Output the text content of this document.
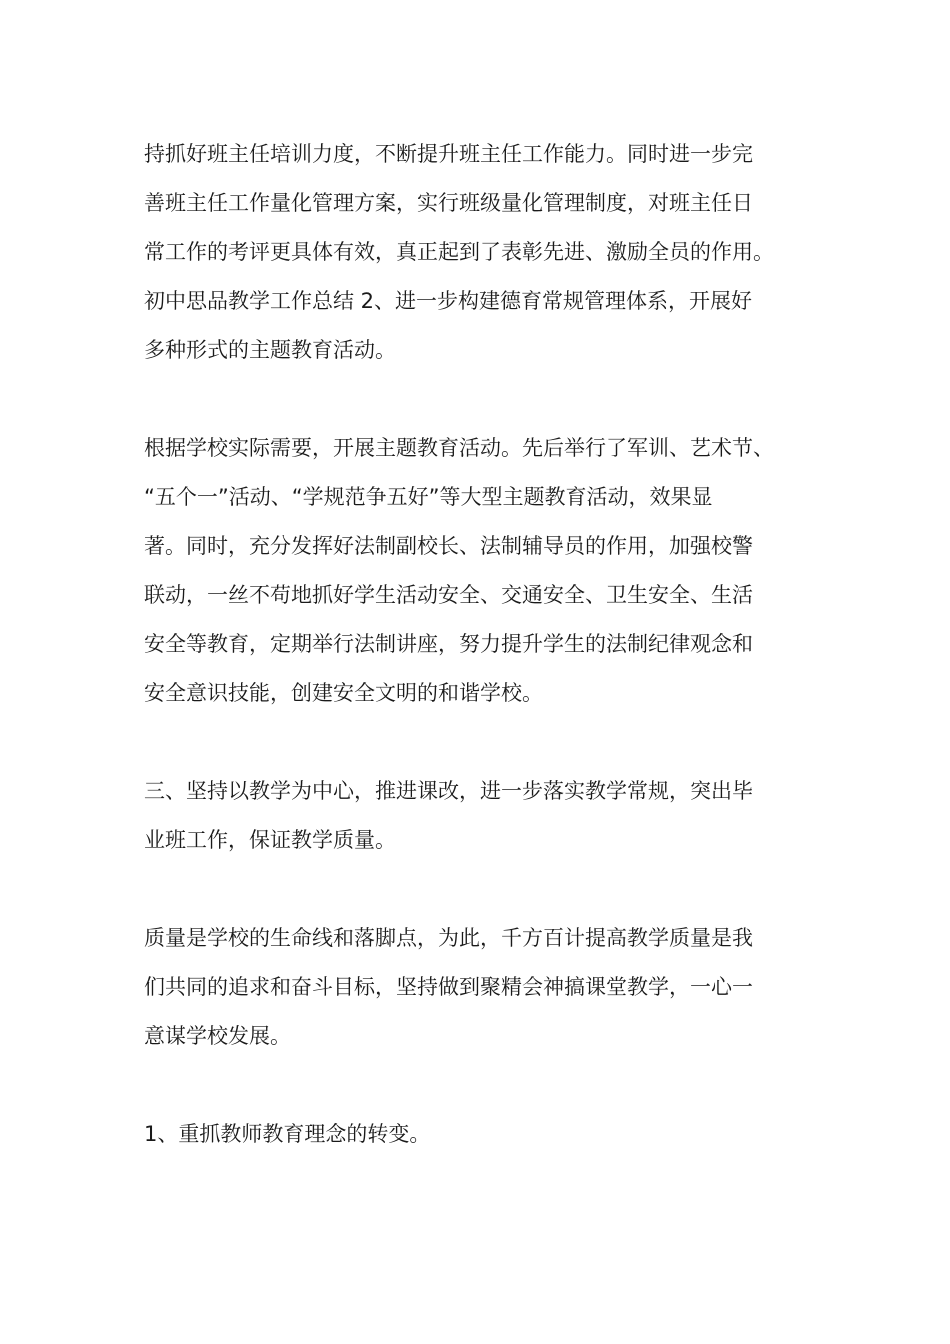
持抓好班主任培训力度，不断提升班主任工作能力。同时进一步完
善班主任工作量化管理方案，实行班级量化管理制度，对班主任日
常工作的考评更具体有效，真正起到了表彰先进、激励全员的作用。
初中思品教学工作总结 2、进一步构建德育常规管理体系，开展好
多种形式的主题教育活动。
根据学校实际需要，开展主题教育活动。先后举行了军训、艺术节、
“五个一”活动、“学规范争五好”等大型主题教育活动，效果显
著。同时，充分发挥好法制副校长、法制辅导员的作用，加强校警
联动，一丝不苟地抓好学生活动安全、交通安全、卫生安全、生活
安全等教育，定期举行法制讲座，努力提升学生的法制纪律观念和
安全意识技能，创建安全文明的和谐学校。
三、坚持以教学为中心，推进课改，进一步落实教学常规，突出毕
业班工作，保证教学质量。
质量是学校的生命线和落脚点，为此，千方百计提高教学质量是我
们共同的追求和奋斗目标，坚持做到聚精会神搞课堂教学，一心一
意谋学校发展。
1、重抓教师教育理念的转变。
